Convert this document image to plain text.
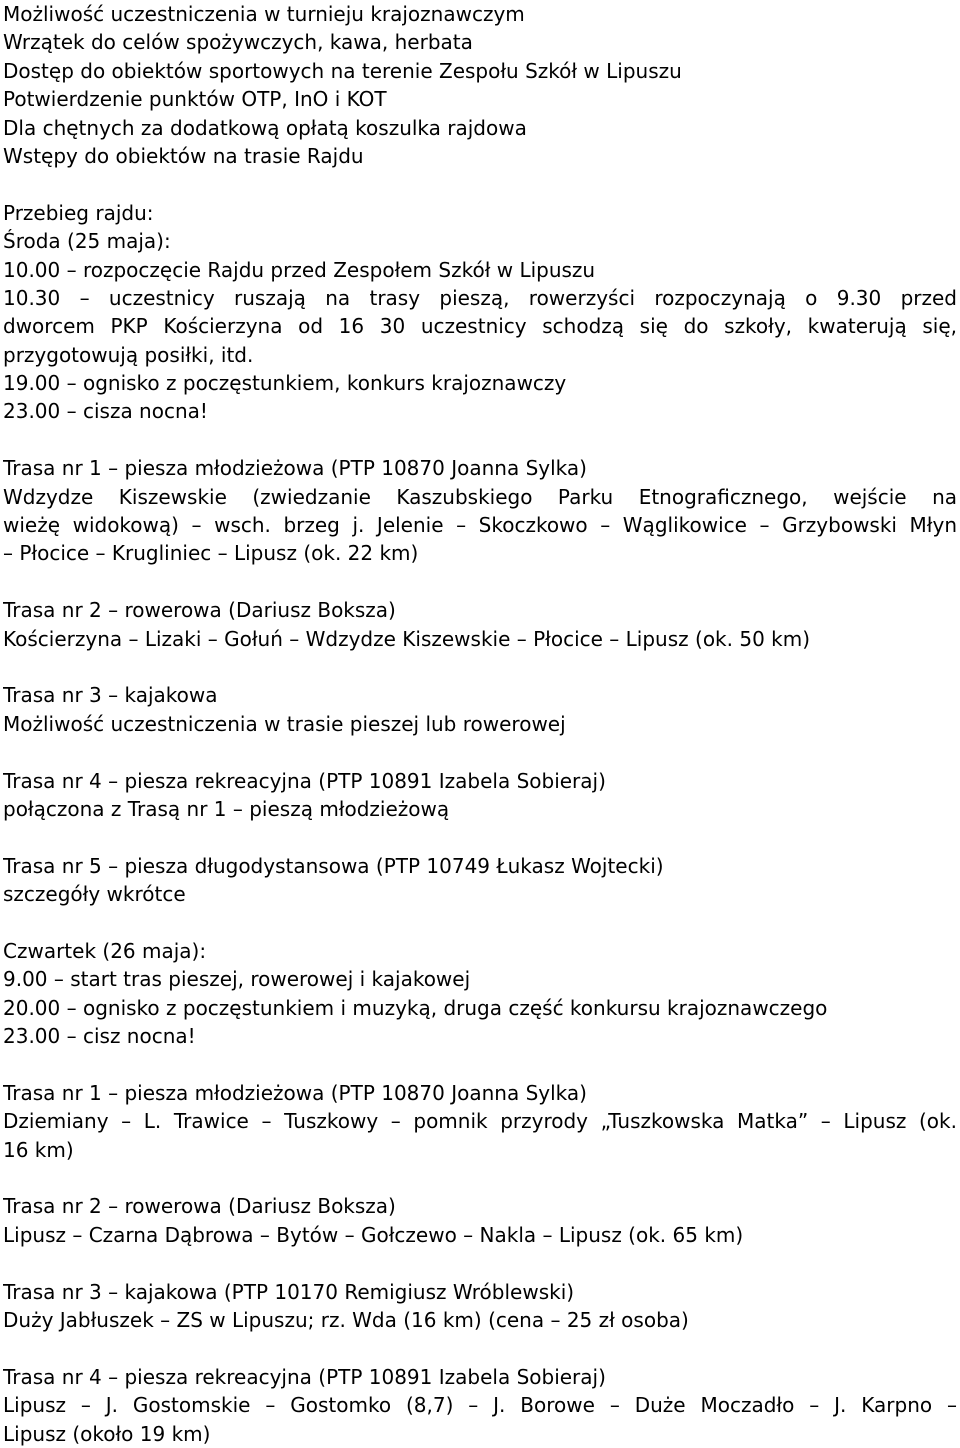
Możliwość uczestniczenia w turnieju krajoznawczym
Wrzątek do celów spożywczych, kawa, herbata
Dostęp do obiektów sportowych na terenie Zespołu Szkół w Lipuszu
Potwierdzenie punktów OTP, InO i KOT
Dla chętnych za dodatkową opłatą koszulka rajdowa
Wstępy do obiektów na trasie Rajdu
Przebieg rajdu:
Środa (25 maja):
10.00 – rozpoczęcie Rajdu przed Zespołem Szkół w Lipuszu
10.30 – uczestnicy ruszają na trasy pieszą, rowerzyści rozpoczynają o 9.30 przed
dworcem PKP Kościerzyna od 16 30 uczestnicy schodzą się do szkoły, kwaterują się,
przygotowują posiłki, itd.
19.00 – ognisko z poczęstunkiem, konkurs krajoznawczy
23.00 – cisza nocna!
Trasa nr 1 – piesza młodzieżowa (PTP 10870 Joanna Sylka)
Wdzydze Kiszewskie (zwiedzanie Kaszubskiego Parku Etnograficznego, wejście na
wieżę widokową) – wsch. brzeg j. Jelenie – Skoczkowo – Wąglikowice – Grzybowski Młyn
– Płocice – Krugliniec – Lipusz (ok. 22 km)
Trasa nr 2 – rowerowa (Dariusz Boksza)
Kościerzyna – Lizaki – Gołuń – Wdzydze Kiszewskie – Płocice – Lipusz (ok. 50 km)
Trasa nr 3 – kajakowa
Możliwość uczestniczenia w trasie pieszej lub rowerowej
Trasa nr 4 – piesza rekreacyjna (PTP 10891 Izabela Sobieraj)
połączona z Trasą nr 1 – pieszą młodzieżową
Trasa nr 5 – piesza długodystansowa (PTP 10749 Łukasz Wojtecki)
szczegóły wkrótce
Czwartek (26 maja):
9.00 – start tras pieszej, rowerowej i kajakowej
20.00 – ognisko z poczęstunkiem i muzyką, druga część konkursu krajoznawczego
23.00 – cisz nocna!
Trasa nr 1 – piesza młodzieżowa (PTP 10870 Joanna Sylka)
Dziemiany – L. Trawice – Tuszkowy – pomnik przyrody „Tuszkowska Matka” – Lipusz (ok.
16 km)
Trasa nr 2 – rowerowa (Dariusz Boksza)
Lipusz – Czarna Dąbrowa – Bytów – Gołczewo – Nakla – Lipusz (ok. 65 km)
Trasa nr 3 – kajakowa (PTP 10170 Remigiusz Wróblewski)
Duży Jabłuszek – ZS w Lipuszu; rz. Wda (16 km) (cena – 25 zł osoba)
Trasa nr 4 – piesza rekreacyjna (PTP 10891 Izabela Sobieraj)
Lipusz – J. Gostomskie – Gostomko (8,7) – J. Borowe – Duże Moczadło – J. Karpno –
Lipusz (około 19 km)
